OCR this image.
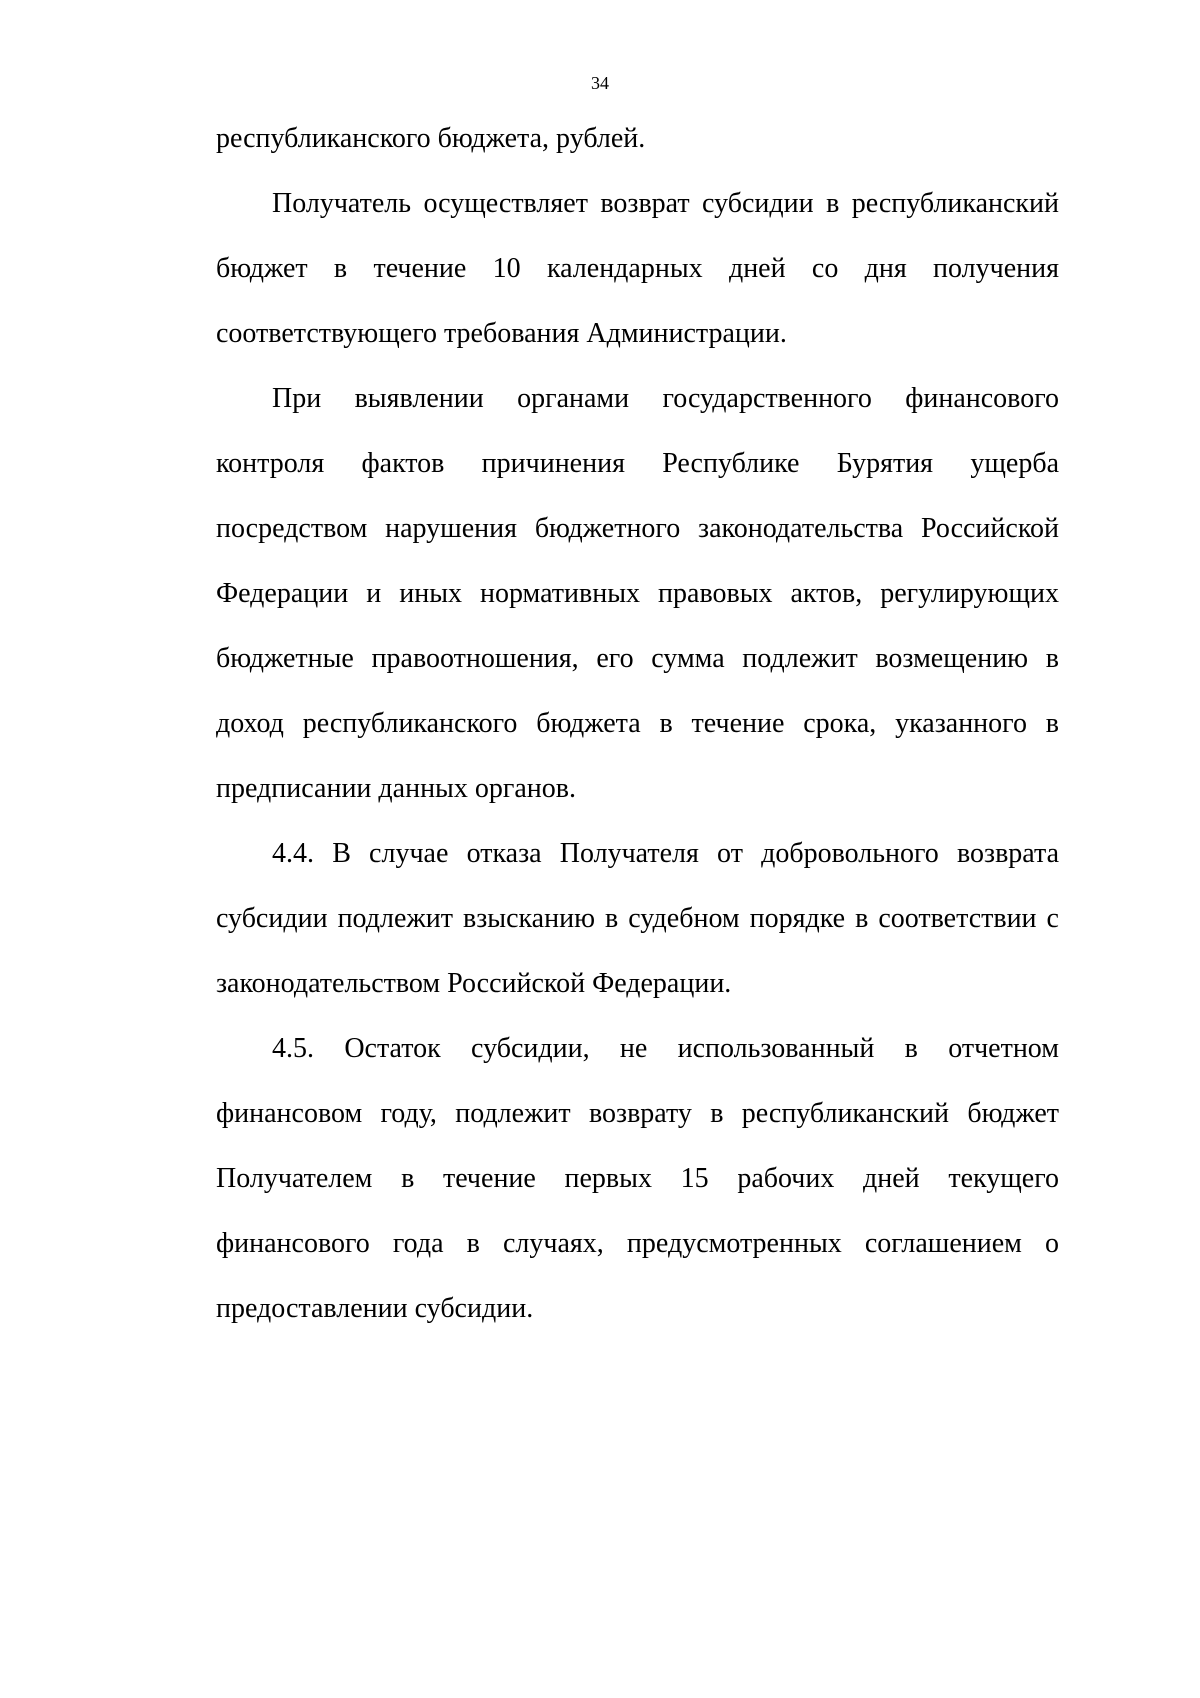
34

республиканского бюджета, рублей.

Получатель осуществляет возврат субсидии в республиканский бюджет в течение 10 календарных дней со дня получения соответствующего требования Администрации.

При выявлении органами государственного финансового контроля фактов причинения Республике Бурятия ущерба посредством нарушения бюджетного законодательства Российской Федерации и иных нормативных правовых актов, регулирующих бюджетные правоотношения, его сумма подлежит возмещению в доход республиканского бюджета в течение срока, указанного в предписании данных органов.

4.4. В случае отказа Получателя от добровольного возврата субсидии подлежит взысканию в судебном порядке в соответствии с законодательством Российской Федерации.

4.5. Остаток субсидии, не использованный в отчетном финансовом году, подлежит возврату в республиканский бюджет Получателем в течение первых 15 рабочих дней текущего финансового года в случаях, предусмотренных соглашением о предоставлении субсидии.
